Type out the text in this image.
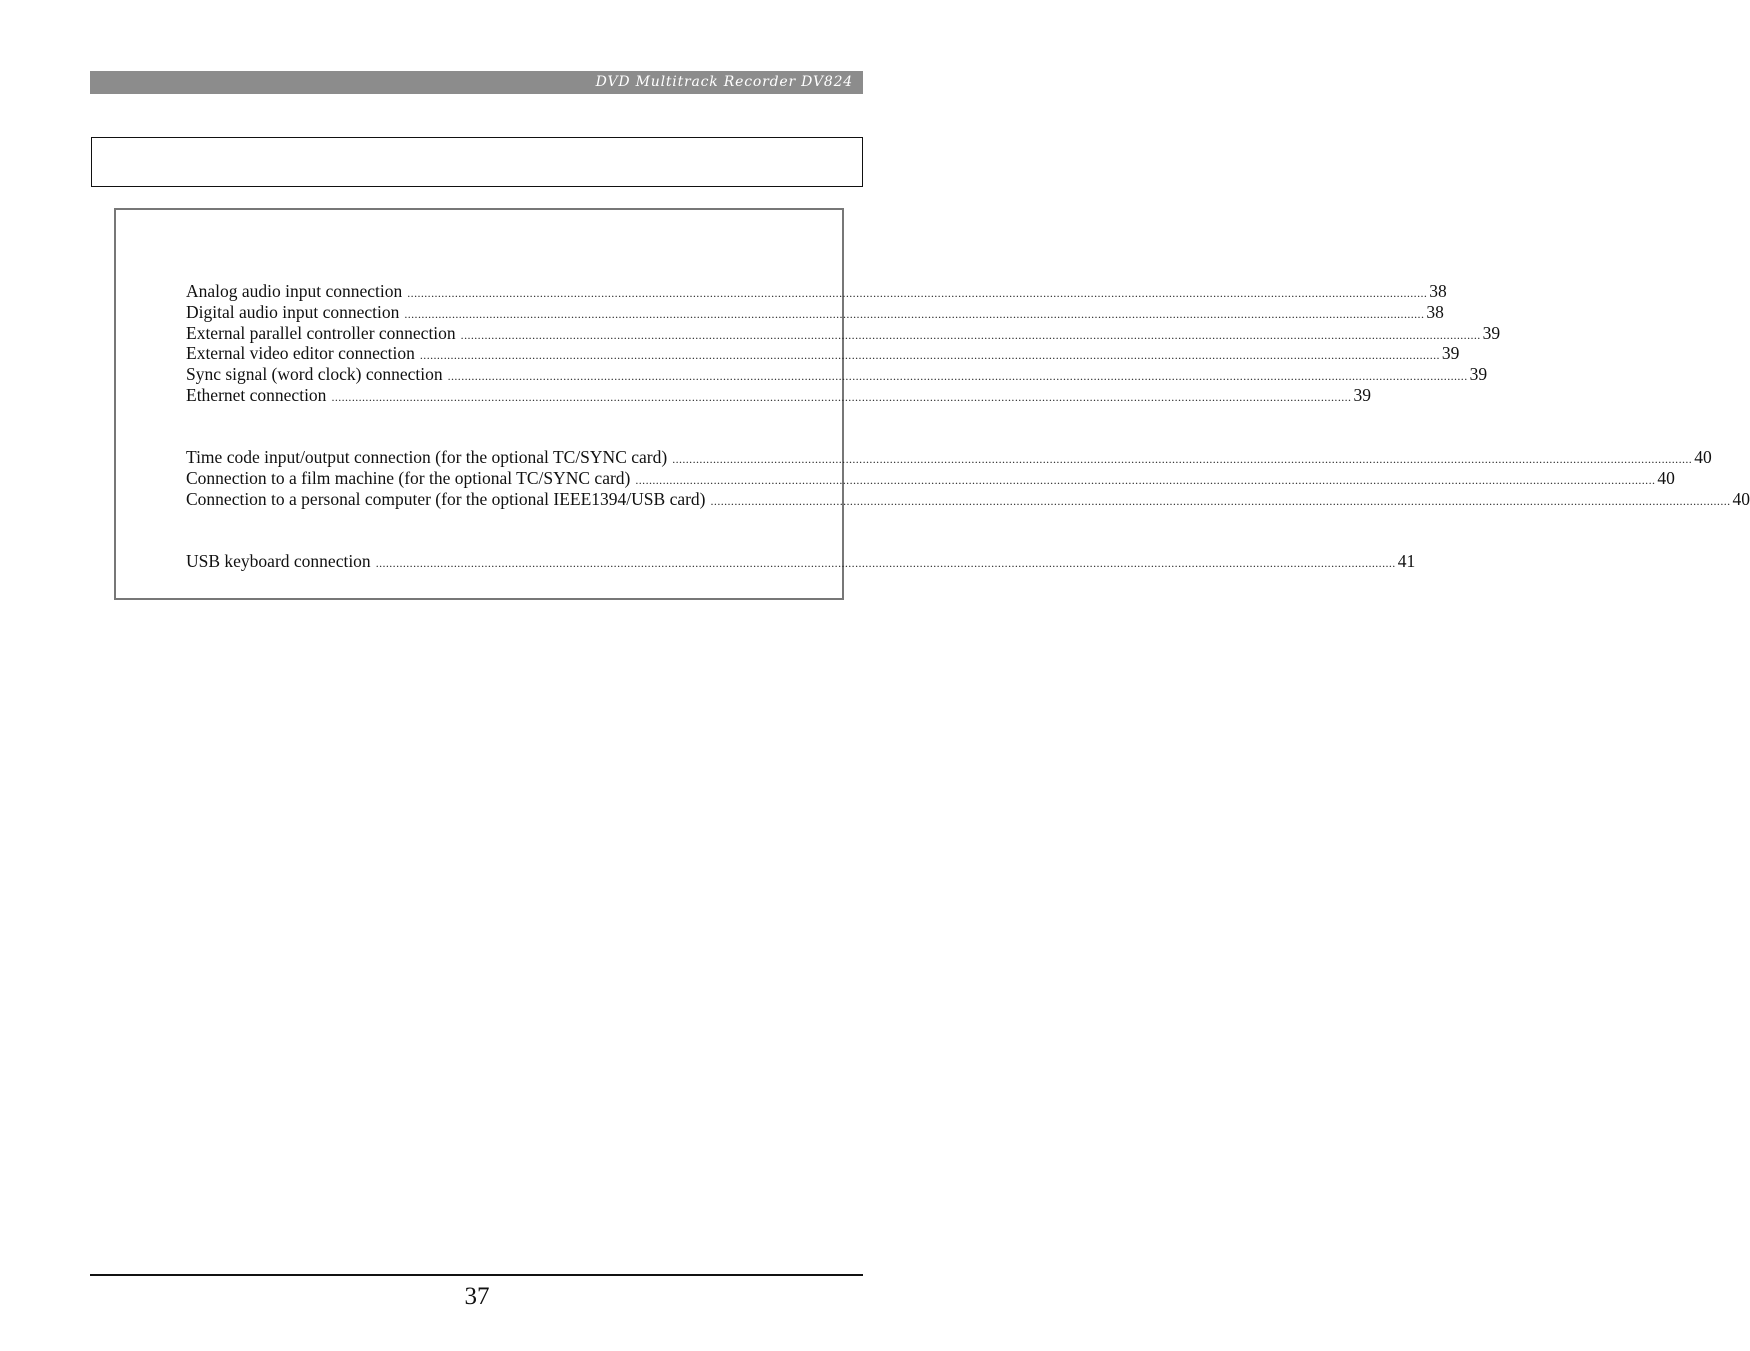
DVD Multitrack Recorder DV824
Analog audio input connection ............................................................................................................................................................................................................................................................................................................ 38
Digital audio input connection ............................................................................................................................................................................................................................................................................................................ 38
External parallel controller connection ............................................................................................................................................................................................................................................................................................................ 39
External video editor connection ............................................................................................................................................................................................................................................................................................................ 39
Sync signal (word clock) connection ............................................................................................................................................................................................................................................................................................................ 39
Ethernet connection ............................................................................................................................................................................................................................................................................................................ 39
Time code input/output connection (for the optional TC/SYNC card) ............................................................................................................................................................................................................................................................................................................ 40
Connection to a film machine (for the optional TC/SYNC card) ............................................................................................................................................................................................................................................................................................................ 40
Connection to a personal computer (for the optional IEEE1394/USB card) ............................................................................................................................................................................................................................................................................................................ 40
USB keyboard connection ............................................................................................................................................................................................................................................................................................................ 41
37
